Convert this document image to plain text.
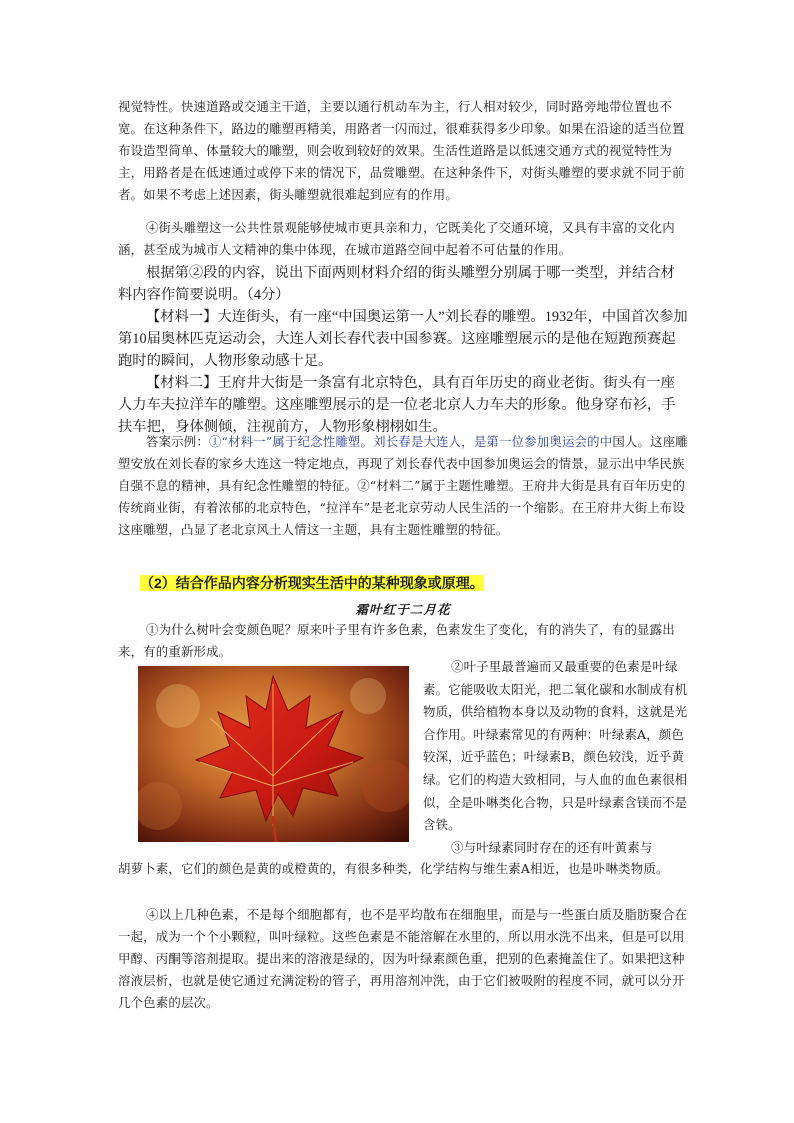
视觉特性。快速道路或交通主干道，主要以通行机动车为主，行人相对较少，同时路旁地带位置也不宽。在这种条件下，路边的雕塑再精美，用路者一闪而过，很难获得多少印象。如果在沿途的适当位置布设造型简单、体量较大的雕塑，则会收到较好的效果。生活性道路是以低速交通方式的视觉特性为主，用路者是在低速通过或停下来的情况下，品赏雕塑。在这种条件下，对街头雕塑的要求就不同于前者。如果不考虑上述因素，街头雕塑就很难起到应有的作用。

④街头雕塑这一公共性景观能够使城市更具亲和力，它既美化了交通环境，又具有丰富的文化内涵，甚至成为城市人文精神的集中体现，在城市道路空间中起着不可估量的作用。

根据第②段的内容，说出下面两则材料介绍的街头雕塑分别属于哪一类型，并结合材料内容作简要说明。（4分）

【材料一】大连街头，有一座“中国奥运第一人”刘长春的雕塑。1932年，中国首次参加第10届奥林匹克运动会，大连人刘长春代表中国参赛。这座雕塑展示的是他在短跑预赛起跑时的瞬间，人物形象动感十足。

【材料二】王府井大街是一条富有北京特色，具有百年历史的商业老街。街头有一座人力车夫拉洋车的雕塑。这座雕塑展示的是一位老北京人力车夫的形象。他身穿布衫，手扶车把，身体侧倾，注视前方，人物形象栩栩如生。

答案示例：①“材料一”属于纪念性雕塑。刘长春是大连人，是第一位参加奥运会的中国人。这座雕塑安放在刘长春的家乡大连这一特定地点，再现了刘长春代表中国参加奥运会的情景，显示出中华民族自强不息的精神，具有纪念性雕塑的特征。②“材料二”属于主题性雕塑。王府井大街是具有百年历史的传统商业街，有着浓郁的北京特色，“拉洋车”是老北京劳动人民生活的一个缩影。在王府井大街上布设这座雕塑，凸显了老北京风土人情这一主题，具有主题性雕塑的特征。
（2）结合作品内容分析现实生活中的某种现象或原理。
霜叶红于二月花

①为什么树叶会变颜色呢？原来叶子里有许多色素，色素发生了变化，有的消失了，有的显露出来，有的重新形成。

②叶子里最普遍而又最重要的色素是叶绿素。它能吸收太阳光，把二氧化碳和水制成有机物质，供给植物本身以及动物的食料，这就是光合作用。叶绿素常见的有两种：叶绿素A，颜色较深，近乎蓝色；叶绿素B，颜色较浅，近乎黄绿。它们的构造大致相同，与人血的血色素很相似，全是卟啉类化合物，只是叶绿素含镁而不是含铁。

③与叶绿素同时存在的还有叶黄素与

胡萝卜素，它们的颜色是黄的或橙黄的，有很多种类，化学结构与维生素A相近，也是卟啉类物质。

④以上几种色素，不是每个细胞都有，也不是平均散布在细胞里，而是与一些蛋白质及脂肪聚合在一起，成为一个个小颗粒，叫叶绿粒。这些色素是不能溶解在水里的，所以用水洗不出来，但是可以用甲醇、丙酮等溶剂提取。提出来的溶液是绿的，因为叶绿素颜色重，把别的色素掩盖住了。如果把这种溶液层析，也就是使它通过充满淀粉的管子，再用溶剂冲洗，由于它们被吸附的程度不同，就可以分开几个色素的层次。
